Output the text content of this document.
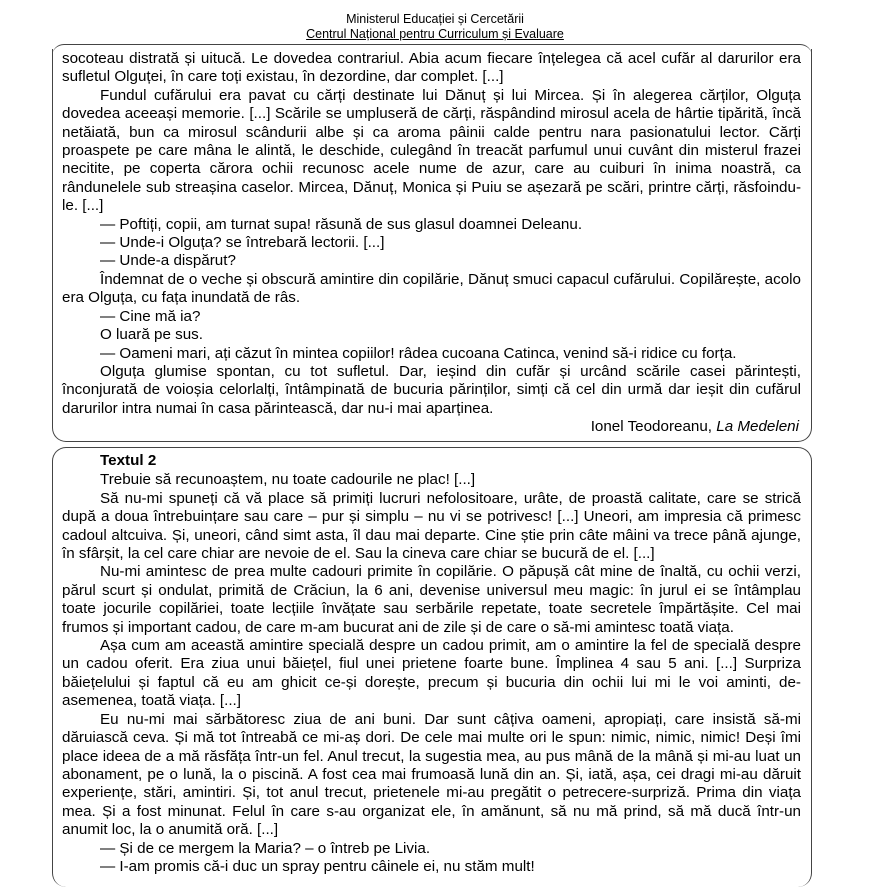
Ministerul Educației și Cercetării
Centrul Național pentru Curriculum și Evaluare

socoteau distrată și uitucă. Le dovedea contrariul. Abia acum fiecare înțelegea că acel cufăr al darurilor era sufletul Olguței, în care toți existau, în dezordine, dar complet. [...]

Fundul cufărului era pavat cu cărți destinate lui Dănuț și lui Mircea. Și în alegerea cărților, Olguța dovedea aceeași memorie. [...] Scările se umpluseră de cărți, răspândind mirosul acela de hârtie tipărită, încă netăiată, bun ca mirosul scândurii albe și ca aroma pâinii calde pentru nara pasionatului lector. Cărți proaspete pe care mâna le alintă, le deschide, culegând în treacăt parfumul unui cuvânt din misterul frazei necitite, pe coperta cărora ochii recunosc acele nume de azur, care au cuiburi în inima noastră, ca rândunelele sub streașina caselor. Mircea, Dănuț, Monica și Puiu se așezară pe scări, printre cărți, răsfoindu-le. [...]

— Poftiți, copii, am turnat supa! răsună de sus glasul doamnei Deleanu.

— Unde-i Olguța? se întrebară lectorii. [...]

— Unde-a dispărut?

Îndemnat de o veche și obscură amintire din copilărie, Dănuț smuci capacul cufărului. Copilărește, acolo era Olguța, cu fața inundată de râs.

— Cine mă ia?

O luară pe sus.

— Oameni mari, ați căzut în mintea copiilor! râdea cucoana Catinca, venind să-i ridice cu forța.

Olguța glumise spontan, cu tot sufletul. Dar, ieșind din cufăr și urcând scările casei părintești, înconjurată de voioșia celorlalți, întâmpinată de bucuria părinților, simți că cel din urmă dar ieșit din cufărul darurilor intra numai în casa părintească, dar nu-i mai aparținea.

Ionel Teodoreanu, La Medeleni

Textul 2

Trebuie să recunoaștem, nu toate cadourile ne plac! [...]

Să nu-mi spuneți că vă place să primiți lucruri nefolositoare, urâte, de proastă calitate, care se strică după a doua întrebuințare sau care – pur și simplu – nu vi se potrivesc! [...] Uneori, am impresia că primesc cadoul altcuiva. Și, uneori, când simt asta, îl dau mai departe. Cine știe prin câte mâini va trece până ajunge, în sfârșit, la cel care chiar are nevoie de el. Sau la cineva care chiar se bucură de el. [...]

Nu-mi amintesc de prea multe cadouri primite în copilărie. O păpușă cât mine de înaltă, cu ochii verzi, părul scurt și ondulat, primită de Crăciun, la 6 ani, devenise universul meu magic: în jurul ei se întâmplau toate jocurile copilăriei, toate lecțiile învățate sau serbările repetate, toate secretele împărtășite. Cel mai frumos și important cadou, de care m-am bucurat ani de zile și de care o să-mi amintesc toată viața.

Așa cum am această amintire specială despre un cadou primit, am o amintire la fel de specială despre un cadou oferit. Era ziua unui băiețel, fiul unei prietene foarte bune. Împlinea 4 sau 5 ani. [...] Surpriza băiețelului și faptul că eu am ghicit ce-și dorește, precum și bucuria din ochii lui mi le voi aminti, de-asemenea, toată viața. [...]

Eu nu-mi mai sărbătoresc ziua de ani buni. Dar sunt câțiva oameni, apropiați, care insistă să-mi dăruiască ceva. Și mă tot întreabă ce mi-aș dori. De cele mai multe ori le spun: nimic, nimic, nimic! Deși îmi place ideea de a mă răsfăța într-un fel. Anul trecut, la sugestia mea, au pus mână de la mână și mi-au luat un abonament, pe o lună, la o piscină. A fost cea mai frumoasă lună din an. Și, iată, așa, cei dragi mi-au dăruit experiențe, stări, amintiri. Și, tot anul trecut, prietenele mi-au pregătit o petrecere-surpriză. Prima din viața mea. Și a fost minunat. Felul în care s-au organizat ele, în amănunt, să nu mă prind, să mă ducă într-un anumit loc, la o anumită oră. [...]

— Și de ce mergem la Maria? – o întreb pe Livia.

— I-am promis că-i duc un spray pentru câinele ei, nu stăm mult!
